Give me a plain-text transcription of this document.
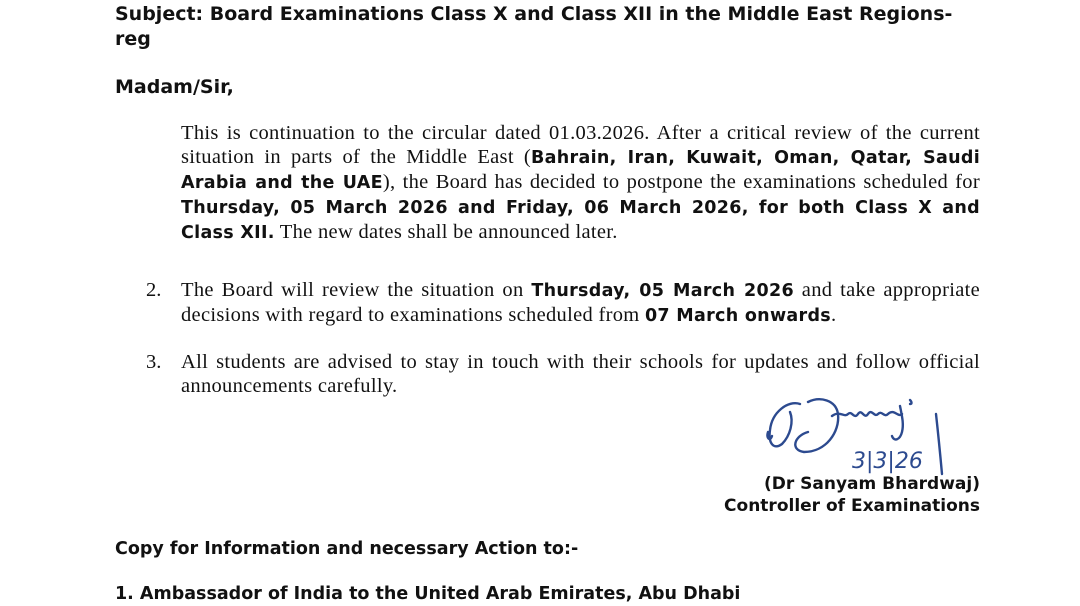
Subject: Board Examinations Class X and Class XII in the Middle East Regions-
reg
Madam/Sir,
This is continuation to the circular dated 01.03.2026. After a critical review of the current situation in parts of the Middle East (Bahrain, Iran, Kuwait, Oman, Qatar, Saudi Arabia and the UAE), the Board has decided to postpone the examinations scheduled for Thursday, 05 March 2026 and Friday, 06 March 2026, for both Class X and Class XII. The new dates shall be announced later.
2. The Board will review the situation on Thursday, 05 March 2026 and take appropriate decisions with regard to examinations scheduled from 07 March onwards.
3. All students are advised to stay in touch with their schools for updates and follow official announcements carefully.
3|3|26
(Dr Sanyam Bhardwaj)
Controller of Examinations
Copy for Information and necessary Action to:-
1. Ambassador of India to the United Arab Emirates, Abu Dhabi
